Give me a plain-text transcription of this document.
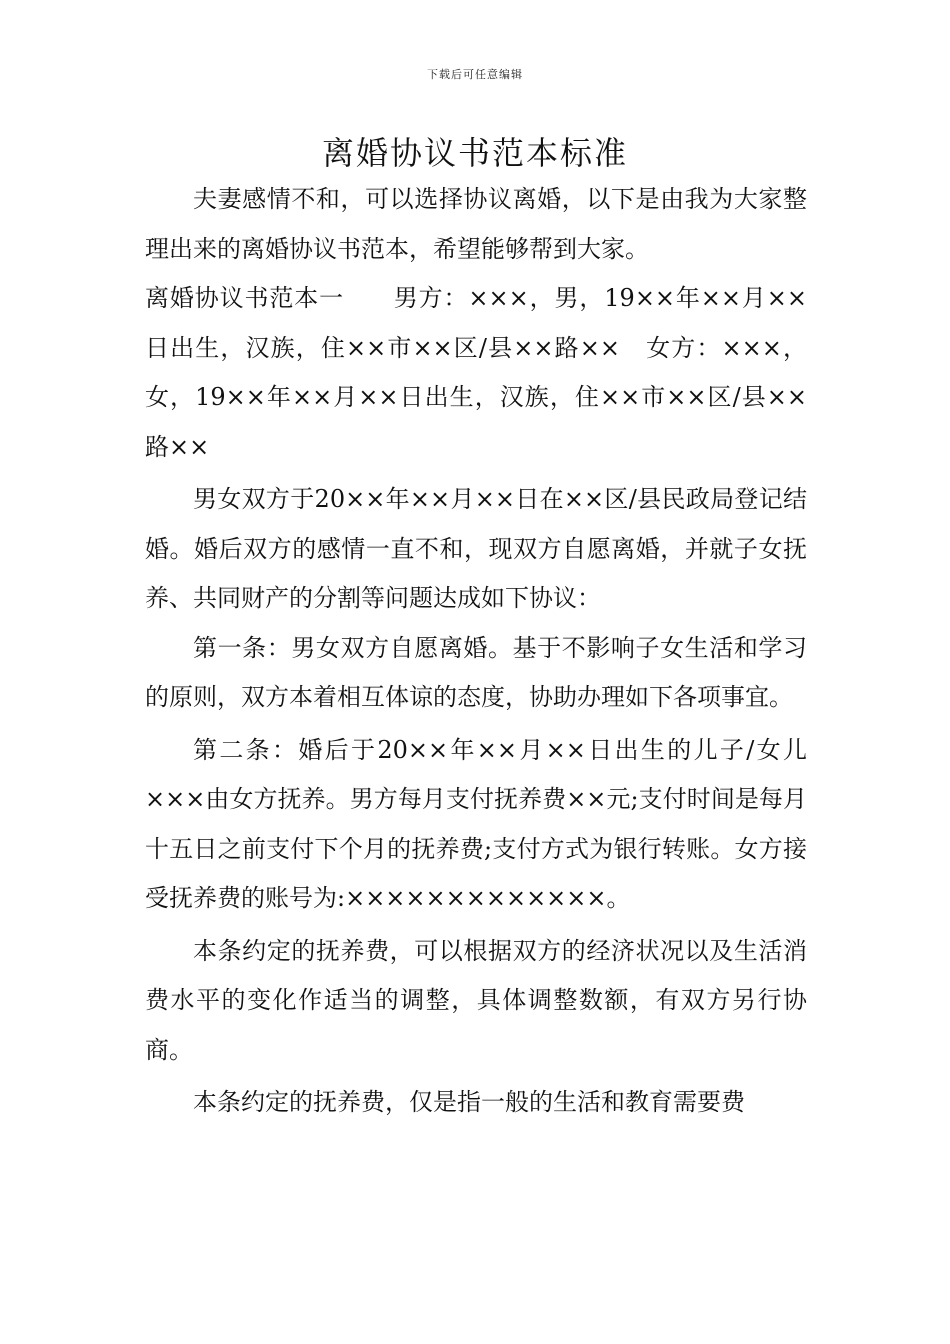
下载后可任意编辑
离婚协议书范本标准

夫妻感情不和，可以选择协议离婚，以下是由我为大家整理出来的离婚协议书范本，希望能够帮到大家。

离婚协议书范本一　　男方：×××，男，19××年××月××日出生，汉族，住××市××区/县××路××　女方：×××，女，19××年××月××日出生，汉族，住××市××区/县××路××

男女双方于20××年××月××日在××区/县民政局登记结婚。婚后双方的感情一直不和，现双方自愿离婚，并就子女抚养、共同财产的分割等问题达成如下协议：

第一条：男女双方自愿离婚。基于不影响子女生活和学习的原则，双方本着相互体谅的态度，协助办理如下各项事宜。

第二条：婚后于20××年××月××日出生的儿子/女儿×××由女方抚养。男方每月支付抚养费××元;支付时间是每月十五日之前支付下个月的抚养费;支付方式为银行转账。女方接受抚养费的账号为:×××××××××××××。

本条约定的抚养费，可以根据双方的经济状况以及生活消费水平的变化作适当的调整，具体调整数额，有双方另行协商。

本条约定的抚养费，仅是指一般的生活和教育需要费
